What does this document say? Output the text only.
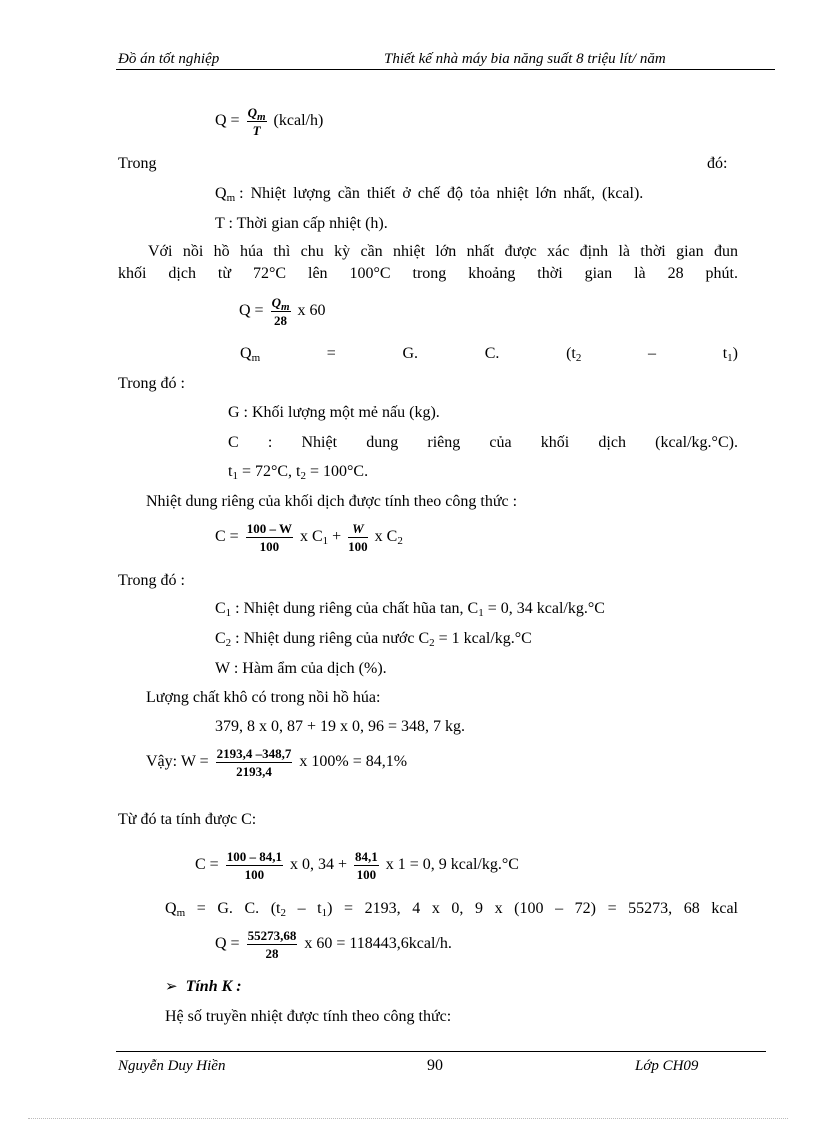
Đồ án tốt nghiệp	Thiết kế nhà máy bia năng suất 8 triệu lít/ năm
$Q = \frac{Q_m}{T}$ (kcal/h)
Trong	đó:
$Q_m$ : Nhiệt lượng cần thiết ở chế độ tỏa nhiệt lớn nhất, (kcal).
T : Thời gian cấp nhiệt (h).
Với nồi hồ húa thì chu kỳ cần nhiệt lớn nhất được xác định là thời gian đun
khối dịch từ 72°C lên 100°C trong khoảng thời gian là 28 phút.
$Q = \frac{Q_m}{28}$ x 60
$Q_m$	=	G.	C.	($t_2$	–	$t_1$)
Trong đó :
G : Khối lượng một mẻ nấu (kg).
C : Nhiệt dung riêng của khối dịch (kcal/kg.°C).
$t_1 = 72^\circ C$, $t_2 = 100^\circ C$.
Nhiệt dung riêng của khối dịch được tính theo công thức :
$C = \frac{100 - W}{100}$ x $C_1 + \frac{W}{100}$ x $C_2$
Trong đó :
$C_1$ : Nhiệt dung riêng của chất hũa tan, $C_1 = 0$, 34 kcal/kg.°C
$C_2$ : Nhiệt dung riêng của nước $C_2 = 1$ kcal/kg.°C
W : Hàm ẩm của dịch (%).
Lượng chất khô có trong nồi hồ húa:
379, 8 x 0, 87 + 19 x 0, 96 = 348, 7 kg.
Vậy: $W = \frac{2193,4 -348,7}{2193,4}$ x 100% = 84,1%
Từ đó ta tính được C:
$C = \frac{100 - 84,1}{100}$ x 0, $34 + \frac{84,1}{100}$ x 1 = 0, 9 kcal/kg.°C
$Q_m = G$. C. $(t_2 - t_1) = 2193$, 4 x 0, 9 x (100 – 72) = 55273, 68 kcal
$Q = \frac{55273,68}{28}$ x 60 = 118443,6kcal/h.
➢ Tính K :
Hệ số truyền nhiệt được tính theo công thức:
Nguyễn Duy Hiền	90	Lớp CH09
